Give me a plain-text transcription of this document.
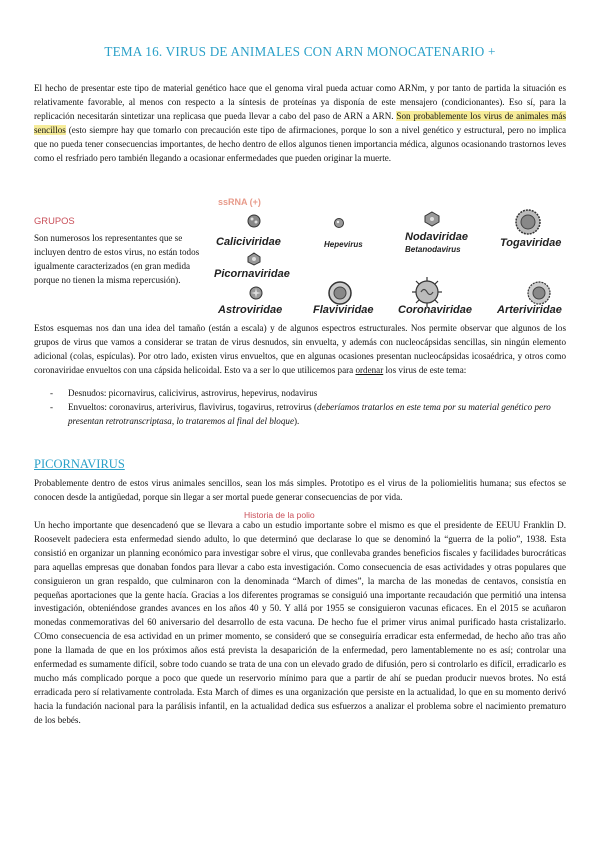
TEMA 16. VIRUS DE ANIMALES CON ARN MONOCATENARIO +
El hecho de presentar este tipo de material genético hace que el genoma viral pueda actuar como ARNm, y por tanto de partida la situación es relativamente favorable, al menos con respecto a la síntesis de proteínas ya disponía de este mensajero (condicionantes). Eso sí, para la replicación necesitarán sintetizar una replicasa que pueda llevar a cabo del paso de ARN a ARN. Son probablemente los virus de animales más sencillos (esto siempre hay que tomarlo con precaución este tipo de afirmaciones, porque lo son a nivel genético y estructural, pero no implica que no pueda tener consecuencias importantes, de hecho dentro de ellos algunos tienen importancia médica, algunos ocasionando trastornos leves como el resfriado pero también llegando a ocasionar enfermedades que pueden originar la muerte.
GRUPOS
Son numerosos los representantes que se incluyen dentro de estos virus, no están todos igualmente caracterizados (en gran medida porque no tienen la misma repercusión).
ssRNA (+)
Caliciviridae	Hepevirus
Nodaviridae
Betanodavirus
Togaviridae
Picornaviridae
Astroviridae	Flaviviridae Coronaviridae Arteriviridae
Estos esquemas nos dan una idea del tamaño (están a escala) y de algunos espectros estructurales. Nos permite observar que algunos de los grupos de virus que vamos a considerar se tratan de virus desnudos, sin envuelta, y además con nucleocápsidas sencillas, sin ningún elemento adicional (colas, espículas). Por otro lado, existen virus envueltos, que en algunas ocasiones presentan nucleocápsidas icosaédrica, y otros como coronaviridae envueltos con una cápsida helicoidal. Esto va a ser lo que utilicemos para ordenar los virus de este tema:
- Desnudos: picornavirus, calicivirus, astrovirus, hepevirus, nodavirus
- Envueltos: coronavirus, arterivirus, flavivirus, togavirus, retrovirus (deberíamos tratarlos en este tema por su material genético pero presentan retrotranscriptasa, lo trataremos al final del bloque).
PICORNAVIRUS
Probablemente dentro de estos virus animales sencillos, sean los más simples. Prototipo es el virus de la poliomielitis humana; sus efectos se conocen desde la antigüedad, porque sin llegar a ser mortal puede generar consecuencias de por vida.
Historia de la polio
Un hecho importante que desencadenó que se llevara a cabo un estudio importante sobre el mismo es que el presidente de EEUU Franklin D. Roosevelt padeciera esta enfermedad siendo adulto, lo que determinó que declarase lo que se denominó la “guerra de la polio”, 1938. Esta consistió en organizar un planning económico para investigar sobre el virus, que conllevaba grandes beneficios fiscales y facilidades burocráticas para aquellas empresas que donaban fondos para llevar a cabo esta investigación. Como consecuencia de esas actividades y otras populares que consiguieron un gran respaldo, que culminaron con la denominada “March of dimes”, la marcha de las monedas de centavos, consistía en pequeñas aportaciones que la gente hacía. Gracias a los diferentes programas se consiguió una importante recaudación que permitió una intensa investigación, obteniéndose grandes avances en los años 40 y 50. Y allá por 1955 se consiguieron vacunas eficaces. En el 2015 se acuñaron monedas conmemorativas del 60 aniversario del desarrollo de esta vacuna. De hecho fue el primer virus animal purificado hasta cristalizarlo. COmo consecuencia de esa actividad en un primer momento, se consideró que se conseguiría erradicar esta enfermedad, de hecho año tras año pone la llamada de que en los próximos años está prevista la desaparición de la enfermedad, pero lamentablemente no es así; controlar una enfermedad es sumamente difícil, sobre todo cuando se trata de una con un elevado grado de difusión, pero si controlarlo es difícil, erradicarlo es mucho más complicado porque a poco que quede un reservorio mínimo para que a partir de ahí se puedan producir nuevos brotes. No está erradicada pero sí relativamente controlada. Esta March of dimes es una organización que persiste en la actualidad, lo que en su momento derivó hacia la fundación nacional para la parálisis infantil, en la actualidad dedica sus esfuerzos a analizar el problema sobre el nacimiento prematuro de los bebés.
